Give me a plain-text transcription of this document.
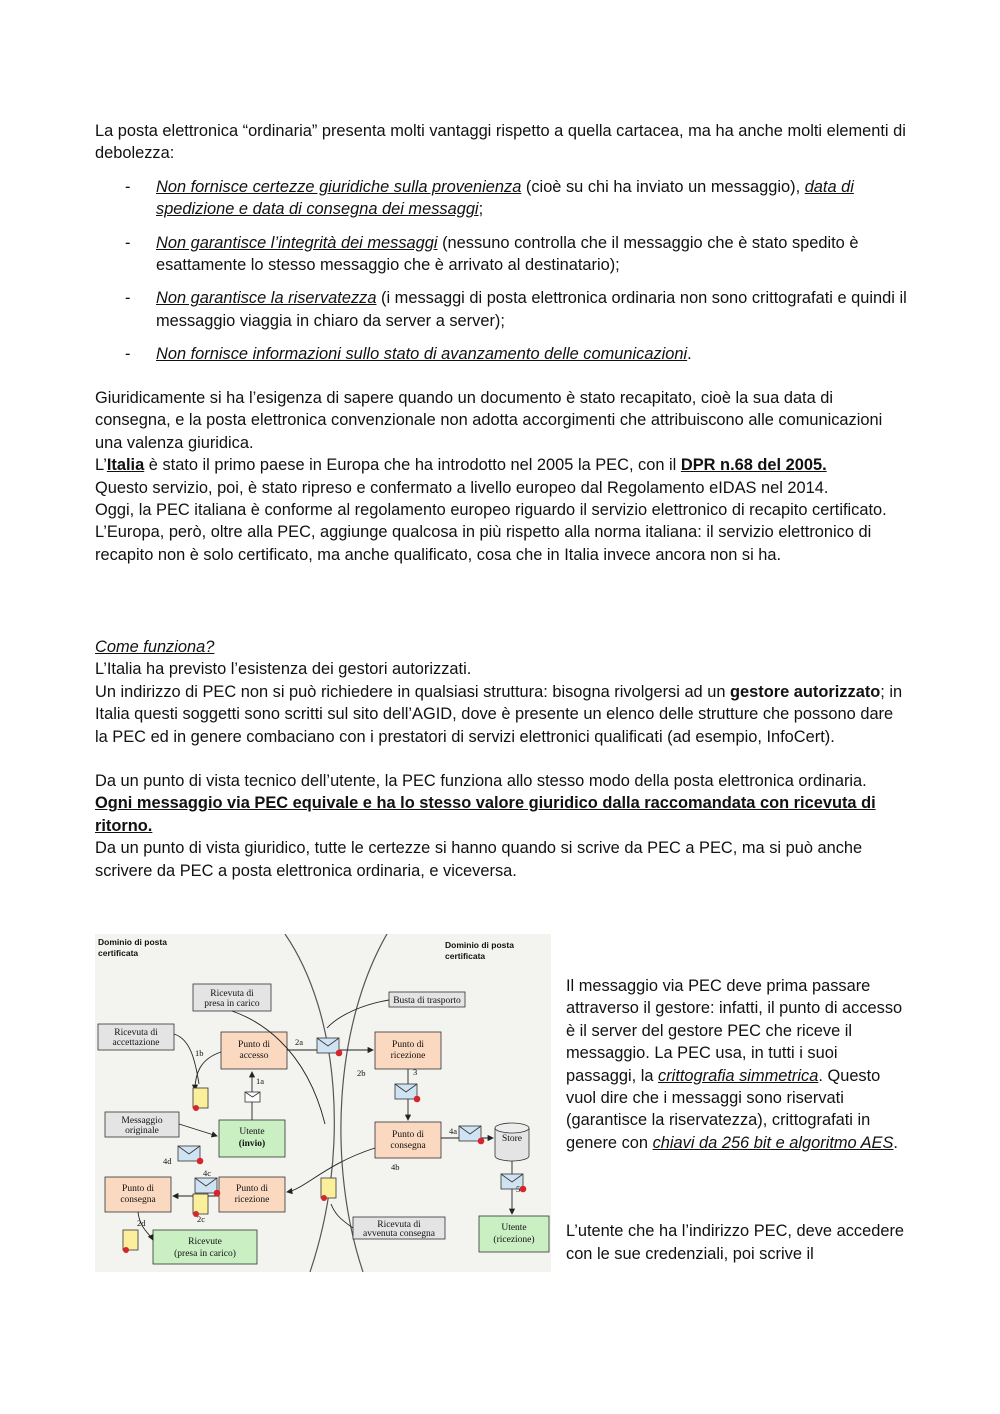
La posta elettronica “ordinaria” presenta molti vantaggi rispetto a quella cartacea, ma ha anche molti elementi di debolezza:

- Non fornisce certezze giuridiche sulla provenienza (cioè su chi ha inviato un messaggio), data di spedizione e data di consegna dei messaggi;
- Non garantisce l’integrità dei messaggi (nessuno controlla che il messaggio che è stato spedito è esattamente lo stesso messaggio che è arrivato al destinatario);
- Non garantisce la riservatezza (i messaggi di posta elettronica ordinaria non sono crittografati e quindi il messaggio viaggia in chiaro da server a server);
- Non fornisce informazioni sullo stato di avanzamento delle comunicazioni.

Giuridicamente si ha l’esigenza di sapere quando un documento è stato recapitato, cioè la sua data di consegna, e la posta elettronica convenzionale non adotta accorgimenti che attribuiscono alle comunicazioni una valenza giuridica.

L’Italia è stato il primo paese in Europa che ha introdotto nel 2005 la PEC, con il DPR n.68 del 2005.

Questo servizio, poi, è stato ripreso e confermato a livello europeo dal Regolamento eIDAS nel 2014.

Oggi, la PEC italiana è conforme al regolamento europeo riguardo il servizio elettronico di recapito certificato.

L’Europa, però, oltre alla PEC, aggiunge qualcosa in più rispetto alla norma italiana: il servizio elettronico di recapito non è solo certificato, ma anche qualificato, cosa che in Italia invece ancora non si ha.

Come funziona?

L’Italia ha previsto l’esistenza dei gestori autorizzati.

Un indirizzo di PEC non si può richiedere in qualsiasi struttura: bisogna rivolgersi ad un gestore autorizzato; in Italia questi soggetti sono scritti sul sito dell’AGID, dove è presente un elenco delle strutture che possono dare la PEC ed in genere combaciano con i prestatori di servizi elettronici qualificati (ad esempio, InfoCert).

Da un punto di vista tecnico dell’utente, la PEC funziona allo stesso modo della posta elettronica ordinaria.

Ogni messaggio via PEC equivale e ha lo stesso valore giuridico dalla raccomandata con ricevuta di ritorno.

Da un punto di vista giuridico, tutte le certezze si hanno quando si scrive da PEC a PEC, ma si può anche scrivere da PEC a posta elettronica ordinaria, e viceversa.

Dominio di posta
certificata
Dominio di posta
certificata
Ricevuta di
presa in carico	Busta di trasporto
Ricevuta di
accettazione
Messaggio
originale
Ricevuta di
avvenuta consegna
Punto di
accesso
Punto di
ricezione
Punto di
consegna
Punto di
consegna
Punto di
ricezione
Utente
(invio)
Utente
(ricezione)
Ricevute
(presa in carico)
Store
1a
1b
2a
2b	3
4a
4b
4c
4d
5
2c
2d

Il messaggio via PEC deve prima passare attraverso il gestore: infatti, il punto di accesso è il server del gestore PEC che riceve il messaggio. La PEC usa, in tutti i suoi passaggi, la crittografia simmetrica. Questo vuol dire che i messaggi sono riservati (garantisce la riservatezza), crittografati in genere con chiavi da 256 bit e algoritmo AES.

L’utente che ha l’indirizzo PEC, deve accedere con le sue credenziali, poi scrive il
